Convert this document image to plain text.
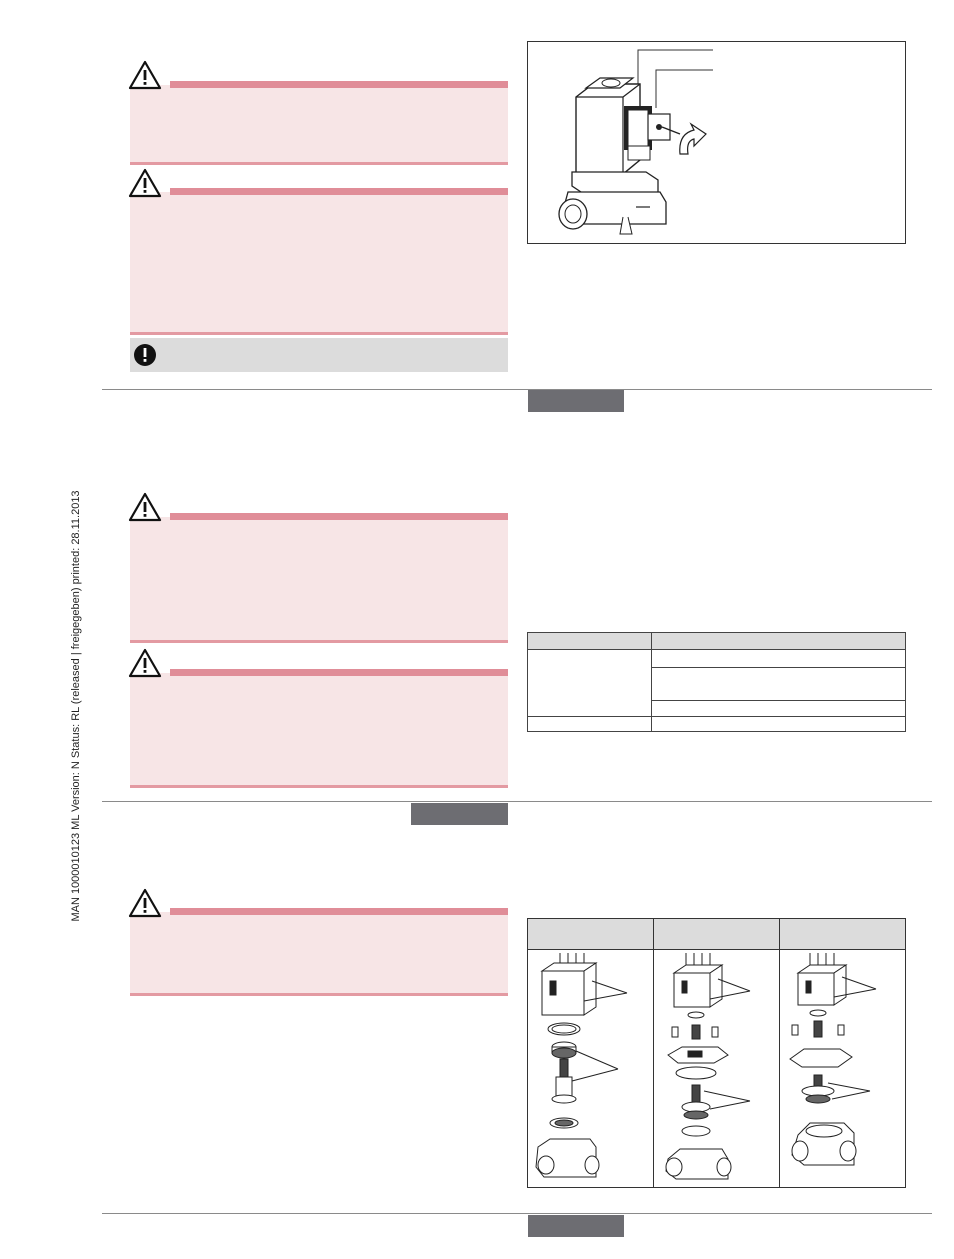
MAN 1000010123 ML Version: N Status: RL (released | freigegeben) printed: 28.11.2013
